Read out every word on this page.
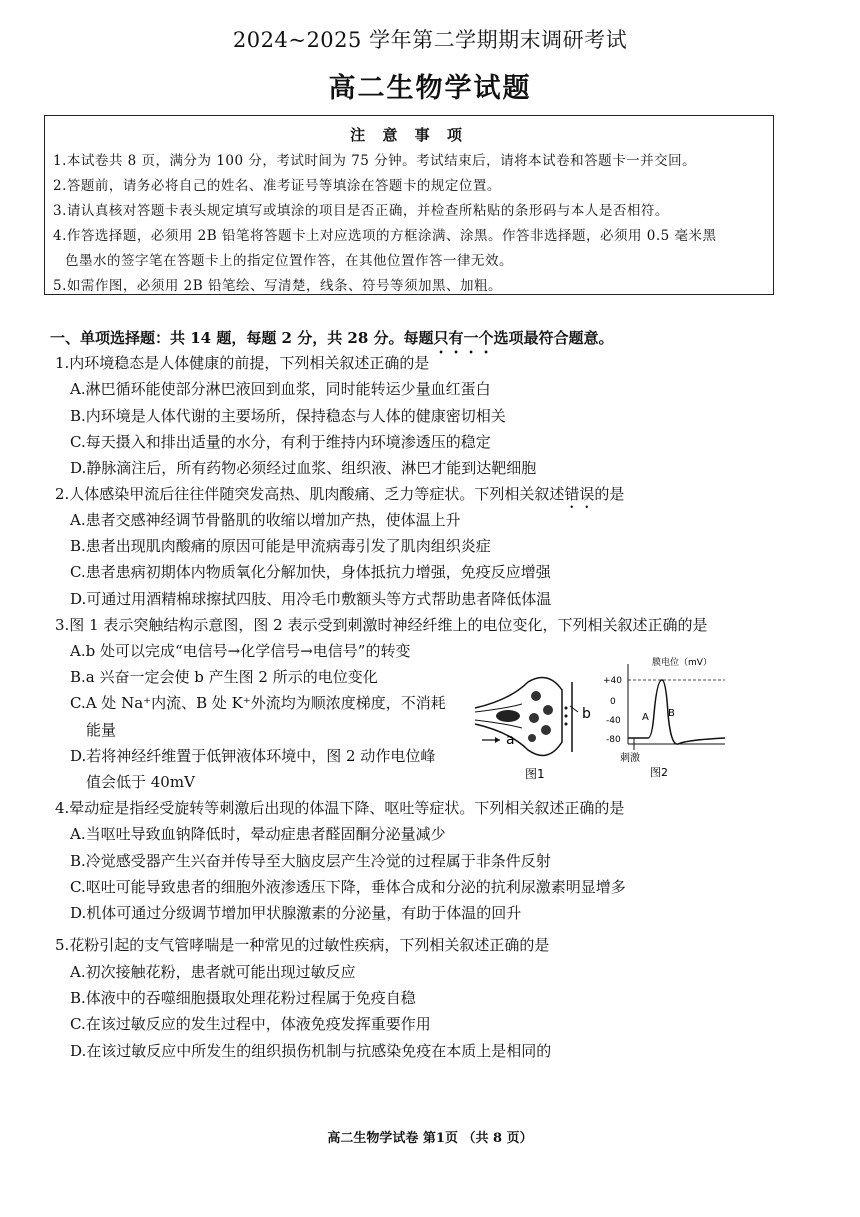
2024~2025 学年第二学期期末调研考试
高二生物学试题
注 意 事 项
1.本试卷共 8 页，满分为 100 分，考试时间为 75 分钟。考试结束后，请将本试卷和答题卡一并交回。
2.答题前，请务必将自己的姓名、准考证号等填涂在答题卡的规定位置。
3.请认真核对答题卡表头规定填写或填涂的项目是否正确，并检查所粘贴的条形码与本人是否相符。
4.作答选择题，必须用 2B 铅笔将答题卡上对应选项的方框涂满、涂黑。作答非选择题，必须用 0.5 毫米黑
色墨水的签字笔在答题卡上的指定位置作答，在其他位置作答一律无效。
5.如需作图，必须用 2B 铅笔绘、写清楚，线条、符号等须加黑、加粗。
一、单项选择题：共 14 题，每题 2 分，共 28 分。每题只有一个选项最符合题意。
1.内环境稳态是人体健康的前提，下列相关叙述正确的是
A.淋巴循环能使部分淋巴液回到血浆，同时能转运少量血红蛋白
B.内环境是人体代谢的主要场所，保持稳态与人体的健康密切相关
C.每天摄入和排出适量的水分，有利于维持内环境渗透压的稳定
D.静脉滴注后，所有药物必须经过血浆、组织液、淋巴才能到达靶细胞
2.人体感染甲流后往往伴随突发高热、肌肉酸痛、乏力等症状。下列相关叙述错误的是
A.患者交感神经调节骨骼肌的收缩以增加产热，使体温上升
B.患者出现肌肉酸痛的原因可能是甲流病毒引发了肌肉组织炎症
C.患者患病初期体内物质氧化分解加快，身体抵抗力增强，免疫反应增强
D.可通过用酒精棉球擦拭四肢、用冷毛巾敷额头等方式帮助患者降低体温
3.图 1 表示突触结构示意图，图 2 表示受到刺激时神经纤维上的电位变化，下列相关叙述正确的是
A.b 处可以完成“电信号→化学信号→电信号”的转变
B.a 兴奋一定会使 b 产生图 2 所示的电位变化
C.A 处 Na⁺内流、B 处 K⁺外流均为顺浓度梯度，不消耗
能量
D.若将神经纤维置于低钾液体环境中，图 2 动作电位峰
值会低于 40mV
b
a
图1
膜电位（mV）
+40
0
-40
-80
A B
刺激
图2
4.晕动症是指经受旋转等刺激后出现的体温下降、呕吐等症状。下列相关叙述正确的是
A.当呕吐导致血钠降低时，晕动症患者醛固酮分泌量减少
B.冷觉感受器产生兴奋并传导至大脑皮层产生冷觉的过程属于非条件反射
C.呕吐可能导致患者的细胞外液渗透压下降，垂体合成和分泌的抗利尿激素明显增多
D.机体可通过分级调节增加甲状腺激素的分泌量，有助于体温的回升
5.花粉引起的支气管哮喘是一种常见的过敏性疾病，下列相关叙述正确的是
A.初次接触花粉，患者就可能出现过敏反应
B.体液中的吞噬细胞摄取处理花粉过程属于免疫自稳
C.在该过敏反应的发生过程中，体液免疫发挥重要作用
D.在该过敏反应中所发生的组织损伤机制与抗感染免疫在本质上是相同的
高二生物学试卷 第1页 （共 8 页）
